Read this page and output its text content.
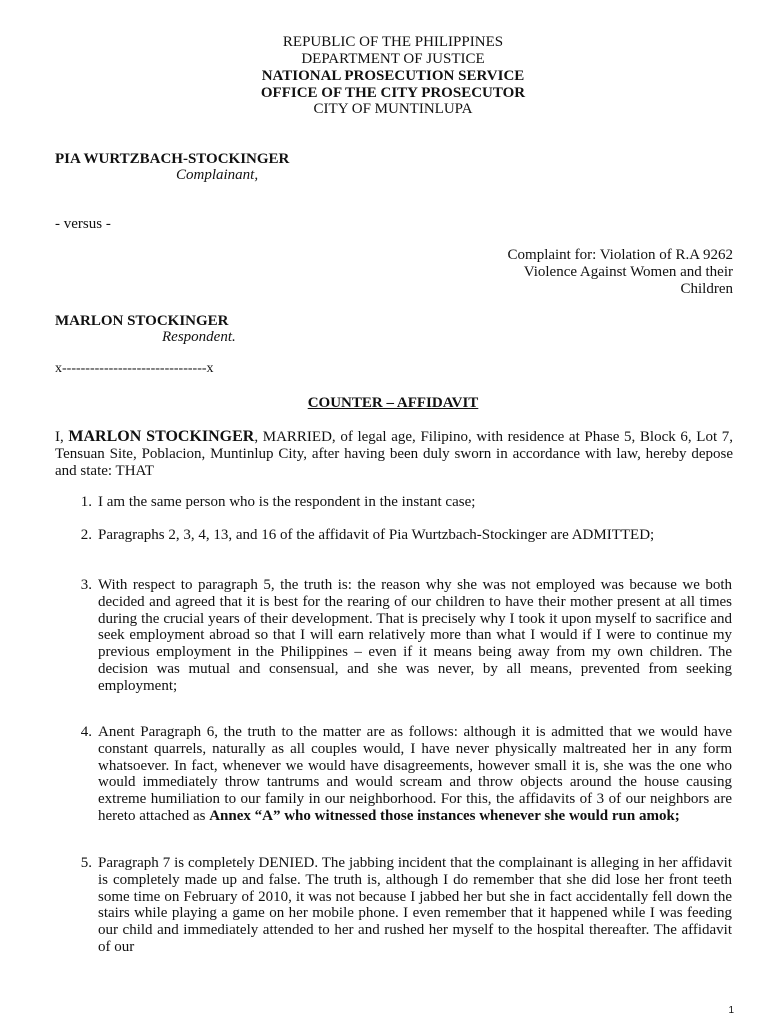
REPUBLIC OF THE PHILIPPINES
DEPARTMENT OF JUSTICE
NATIONAL PROSECUTION SERVICE
OFFICE OF THE CITY PROSECUTOR
CITY OF MUNTINLUPA
PIA WURTZBACH-STOCKINGER
Complainant,
- versus -
Complaint for: Violation of R.A 9262
Violence Against Women and their
Children
MARLON STOCKINGER
Respondent.
x-------------------------------x
COUNTER – AFFIDAVIT
I, MARLON STOCKINGER, MARRIED, of legal age, Filipino, with residence at Phase 5, Block 6, Lot 7, Tensuan Site, Poblacion, Muntinlup City, after having been duly sworn in accordance with law, hereby depose and state: THAT
1. I am the same person who is the respondent in the instant case;
2. Paragraphs 2, 3, 4, 13, and 16 of the affidavit of Pia Wurtzbach-Stockinger are ADMITTED;
3. With respect to paragraph 5, the truth is: the reason why she was not employed was because we both decided and agreed that it is best for the rearing of our children to have their mother present at all times during the crucial years of their development. That is precisely why I took it upon myself to sacrifice and seek employment abroad so that I will earn relatively more than what I would if I were to continue my previous employment in the Philippines – even if it means being away from my own children. The decision was mutual and consensual, and she was never, by all means, prevented from seeking employment;
4. Anent Paragraph 6, the truth to the matter are as follows: although it is admitted that we would have constant quarrels, naturally as all couples would, I have never physically maltreated her in any form whatsoever. In fact, whenever we would have disagreements, however small it is, she was the one who would immediately throw tantrums and would scream and throw objects around the house causing extreme humiliation to our family in our neighborhood. For this, the affidavits of 3 of our neighbors are hereto attached as Annex “A” who witnessed those instances whenever she would run amok;
5. Paragraph 7 is completely DENIED. The jabbing incident that the complainant is alleging in her affidavit is completely made up and false. The truth is, although I do remember that she did lose her front teeth some time on February of 2010, it was not because I jabbed her but she in fact accidentally fell down the stairs while playing a game on her mobile phone. I even remember that it happened while I was feeding our child and immediately attended to her and rushed her myself to the hospital thereafter. The affidavit of our
1
